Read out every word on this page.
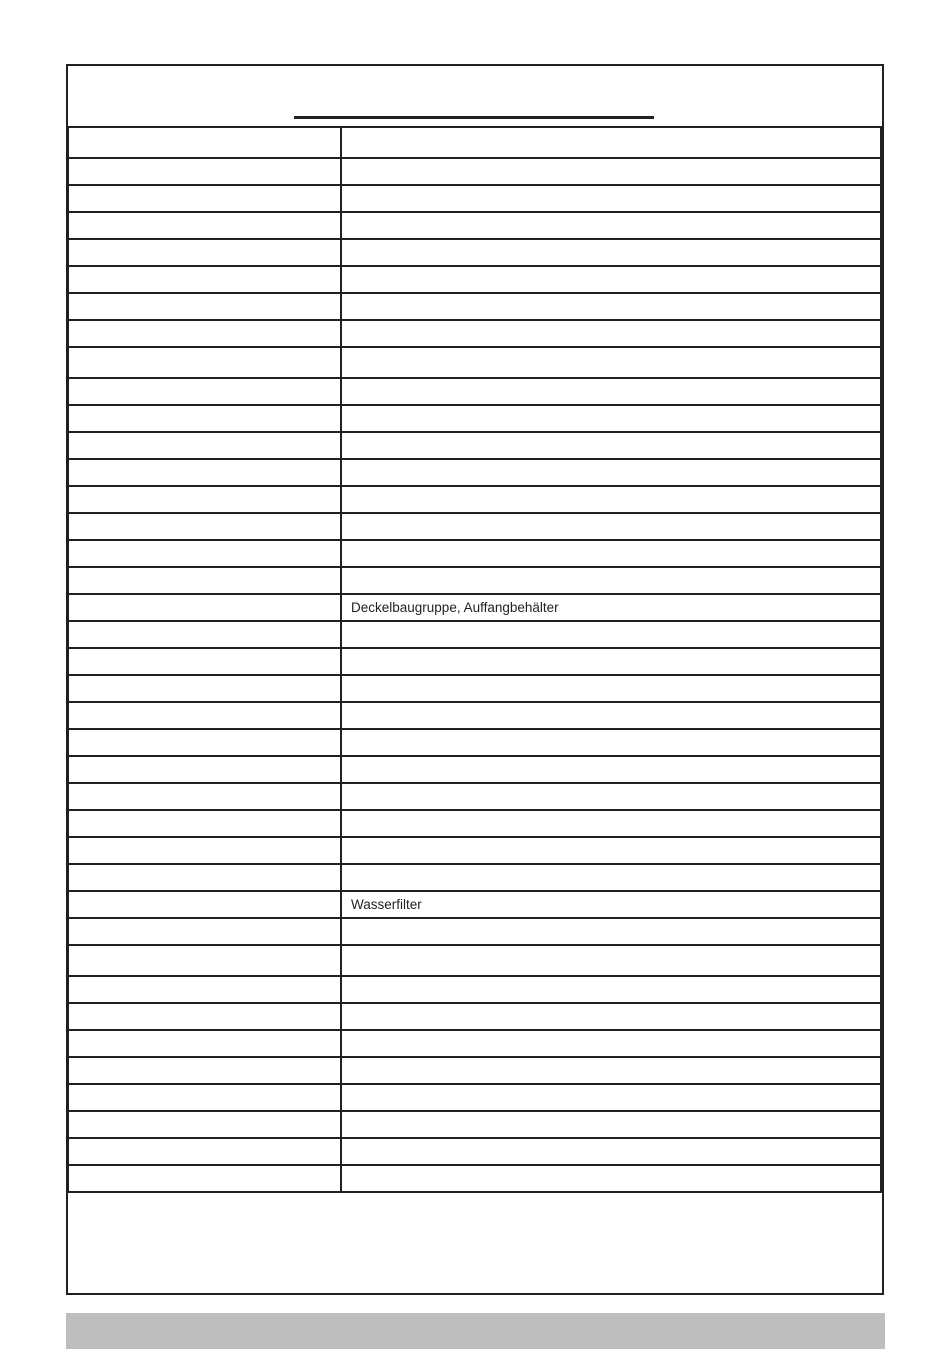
	Deckelbaugruppe, Auffangbehälter

	Wasserfilter
